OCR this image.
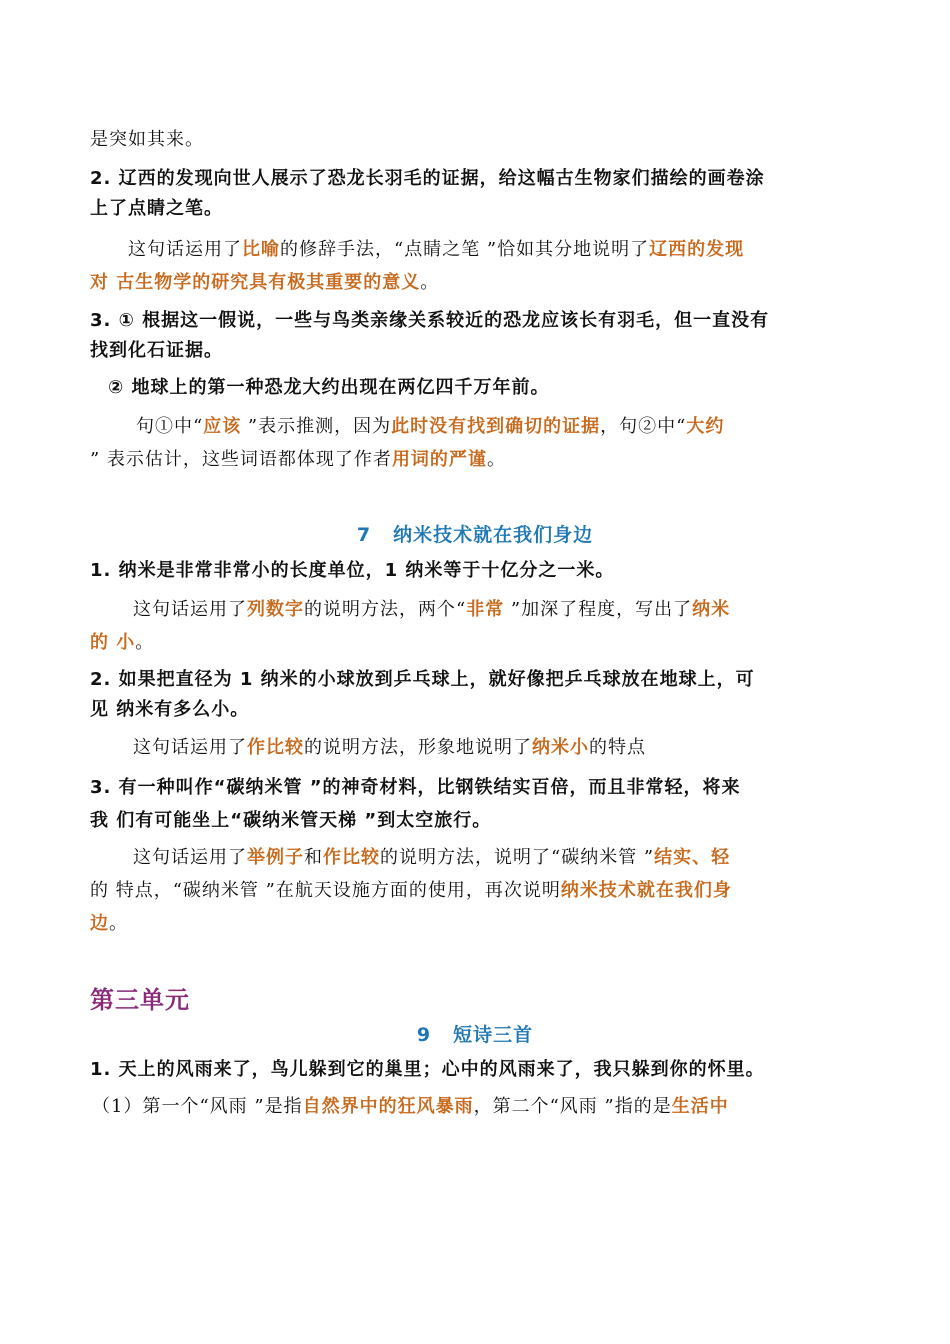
是突如其来。
2. 辽西的发现向世人展示了恐龙长羽毛的证据，给这幅古生物家们描绘的画卷涂
上了点睛之笔。
这句话运用了比喻的修辞手法，“点睛之笔 ”恰如其分地说明了辽西的发现
对 古生物学的研究具有极其重要的意义。
3. ① 根据这一假说，一些与鸟类亲缘关系较近的恐龙应该长有羽毛，但一直没有
找到化石证据。
② 地球上的第一种恐龙大约出现在两亿四千万年前。
句①中“应该 ”表示推测，因为此时没有找到确切的证据，句②中“大约
” 表示估计，这些词语都体现了作者用词的严谨。
7 纳米技术就在我们身边
1. 纳米是非常非常小的长度单位，1 纳米等于十亿分之一米。
这句话运用了列数字的说明方法，两个“非常 ”加深了程度，写出了纳米
的 小。
2. 如果把直径为 1 纳米的小球放到乒乓球上，就好像把乒乓球放在地球上，可
见 纳米有多么小。
这句话运用了作比较的说明方法，形象地说明了纳米小的特点
3. 有一种叫作“碳纳米管 ”的神奇材料，比钢铁结实百倍，而且非常轻，将来
我 们有可能坐上“碳纳米管天梯 ”到太空旅行。
这句话运用了举例子和作比较的说明方法，说明了“碳纳米管 ”结实、轻
的 特点，“碳纳米管 ”在航天设施方面的使用，再次说明纳米技术就在我们身
边。
第三单元
9 短诗三首
1. 天上的风雨来了，鸟儿躲到它的巢里；心中的风雨来了，我只躲到你的怀里。
（1）第一个“风雨 ”是指自然界中的狂风暴雨，第二个“风雨 ”指的是生活中
